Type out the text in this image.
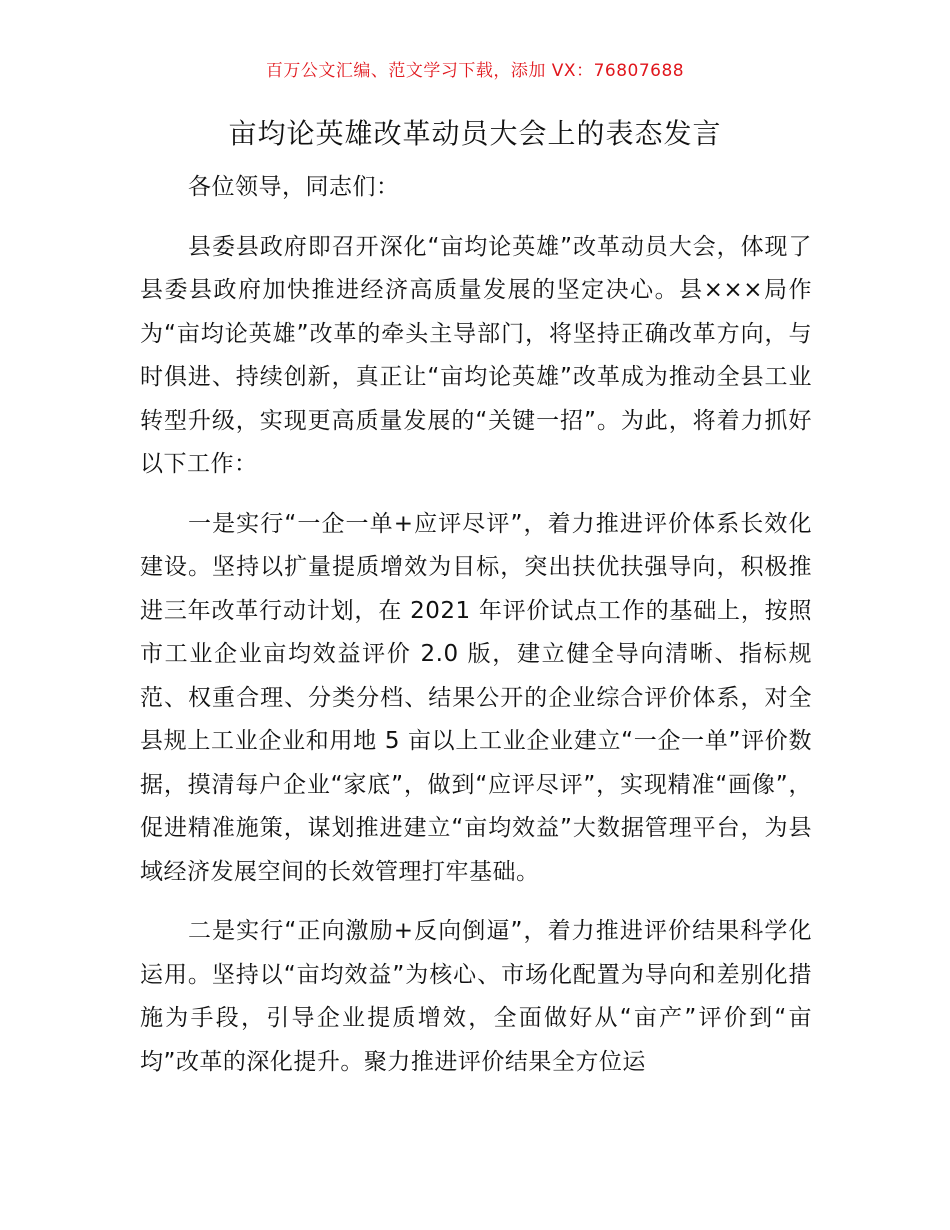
百万公文汇编、范文学习下载，添加 VX：76807688
亩均论英雄改革动员大会上的表态发言

各位领导，同志们：

县委县政府即召开深化“亩均论英雄”改革动员大会，体现了县委县政府加快推进经济高质量发展的坚定决心。县×××局作为“亩均论英雄”改革的牵头主导部门，将坚持正确改革方向，与时俱进、持续创新，真正让“亩均论英雄”改革成为推动全县工业转型升级，实现更高质量发展的“关键一招”。为此，将着力抓好以下工作：

一是实行“一企一单+应评尽评”，着力推进评价体系长效化建设。坚持以扩量提质增效为目标，突出扶优扶强导向，积极推进三年改革行动计划，在 2021 年评价试点工作的基础上，按照市工业企业亩均效益评价 2.0 版，建立健全导向清晰、指标规范、权重合理、分类分档、结果公开的企业综合评价体系，对全县规上工业企业和用地 5 亩以上工业企业建立“一企一单”评价数据，摸清每户企业“家底”，做到“应评尽评”，实现精准“画像”，促进精准施策，谋划推进建立“亩均效益”大数据管理平台，为县域经济发展空间的长效管理打牢基础。

二是实行“正向激励+反向倒逼”，着力推进评价结果科学化运用。坚持以“亩均效益”为核心、市场化配置为导向和差别化措施为手段，引导企业提质增效，全面做好从“亩产”评价到“亩均”改革的深化提升。聚力推进评价结果全方位运
